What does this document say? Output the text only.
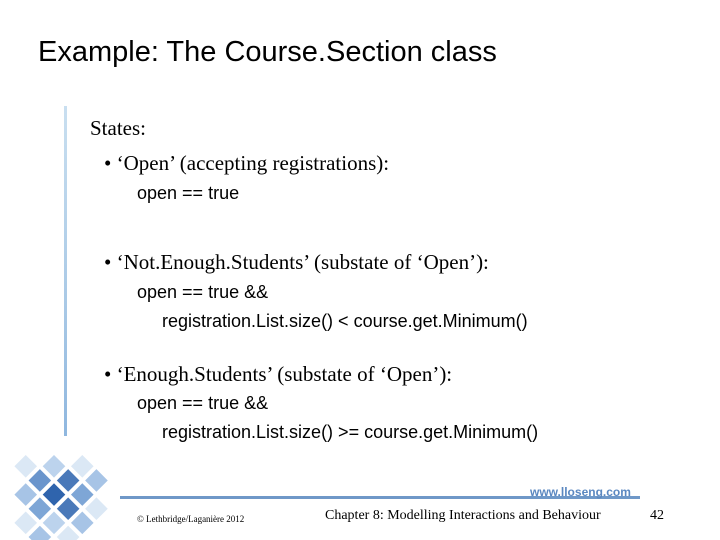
Example: The Course.Section class
States:
• ‘Open’ (accepting registrations):
open == true
• ‘Not.Enough.Students’ (substate of ‘Open’):
open == true &&
registration.List.size() < course.get.Minimum()
• ‘Enough.Students’ (substate of ‘Open’):
open == true &&
registration.List.size() >= course.get.Minimum()
www.lloseng.com
© Lethbridge/Laganière 2012	Chapter 8: Modelling Interactions and Behaviour	42
